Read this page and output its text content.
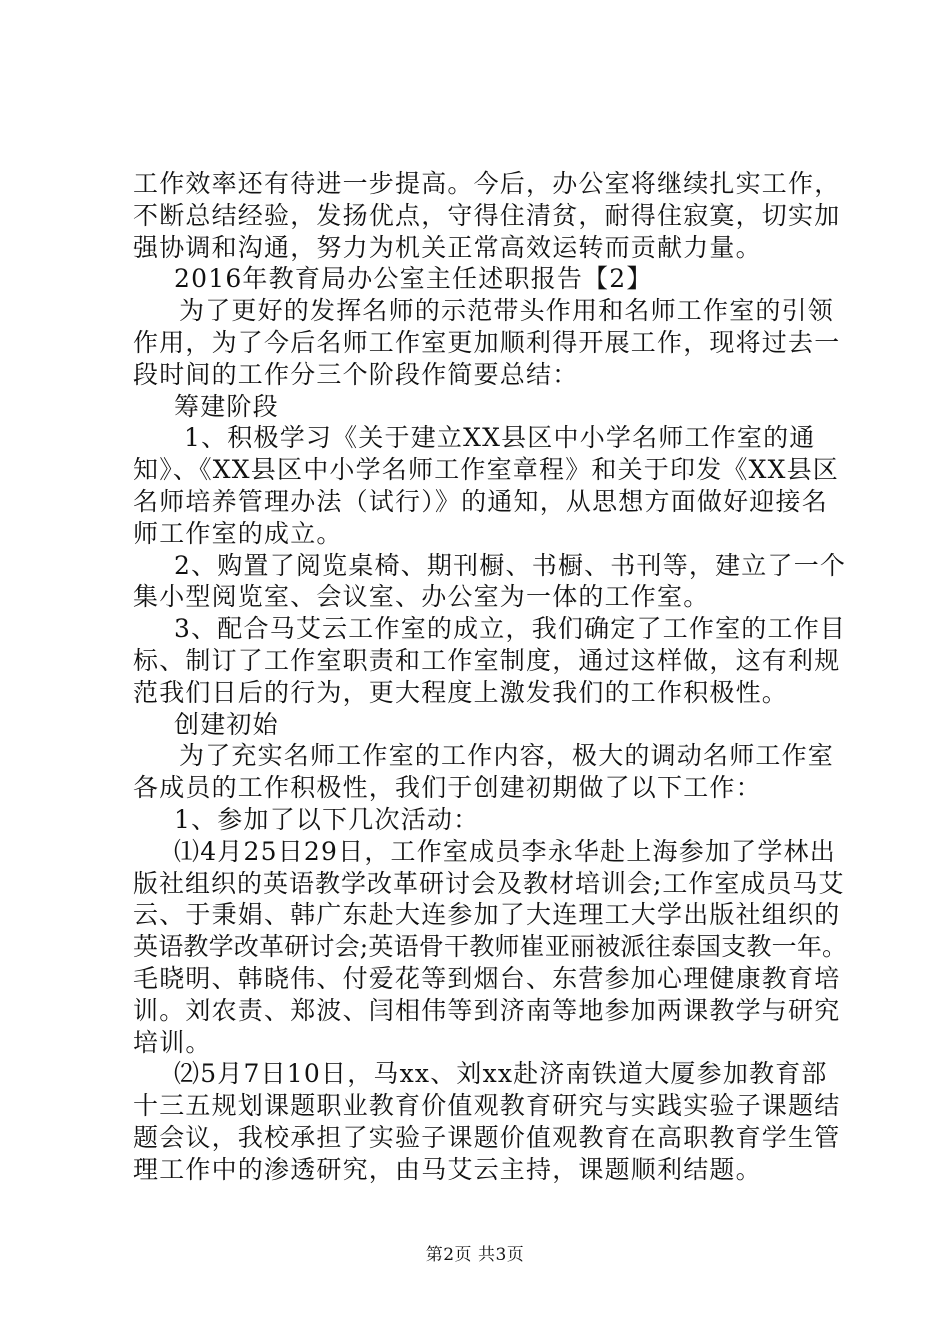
工作效率还有待进一步提高。今后，办公室将继续扎实工作，
不断总结经验，发扬优点，守得住清贫，耐得住寂寞，切实加
强协调和沟通，努力为机关正常高效运转而贡献力量。
2016年教育局办公室主任述职报告【2】
为了更好的发挥名师的示范带头作用和名师工作室的引领
作用，为了今后名师工作室更加顺利得开展工作，现将过去一
段时间的工作分三个阶段作简要总结：
筹建阶段
1、积极学习《关于建立XX县区中小学名师工作室的通
知》、《XX县区中小学名师工作室章程》和关于印发《XX县区
名师培养管理办法（试行）》的通知，从思想方面做好迎接名
师工作室的成立。
2、购置了阅览桌椅、期刊橱、书橱、书刊等，建立了一个
集小型阅览室、会议室、办公室为一体的工作室。
3、配合马艾云工作室的成立，我们确定了工作室的工作目
标、制订了工作室职责和工作室制度，通过这样做，这有利规
范我们日后的行为，更大程度上激发我们的工作积极性。
创建初始
为了充实名师工作室的工作内容，极大的调动名师工作室
各成员的工作积极性，我们于创建初期做了以下工作：
1、参加了以下几次活动：
⑴4月25日29日，工作室成员李永华赴上海参加了学林出
版社组织的英语教学改革研讨会及教材培训会;工作室成员马艾
云、于秉娟、韩广东赴大连参加了大连理工大学出版社组织的
英语教学改革研讨会;英语骨干教师崔亚丽被派往泰国支教一年。
毛晓明、韩晓伟、付爱花等到烟台、东营参加心理健康教育培
训。刘农责、郑波、闫相伟等到济南等地参加两课教学与研究
培训。
⑵5月7日10日，马xx、刘xx赴济南铁道大厦参加教育部
十三五规划课题职业教育价值观教育研究与实践实验子课题结
题会议，我校承担了实验子课题价值观教育在高职教育学生管
理工作中的渗透研究，由马艾云主持，课题顺利结题。
第2页 共3页
